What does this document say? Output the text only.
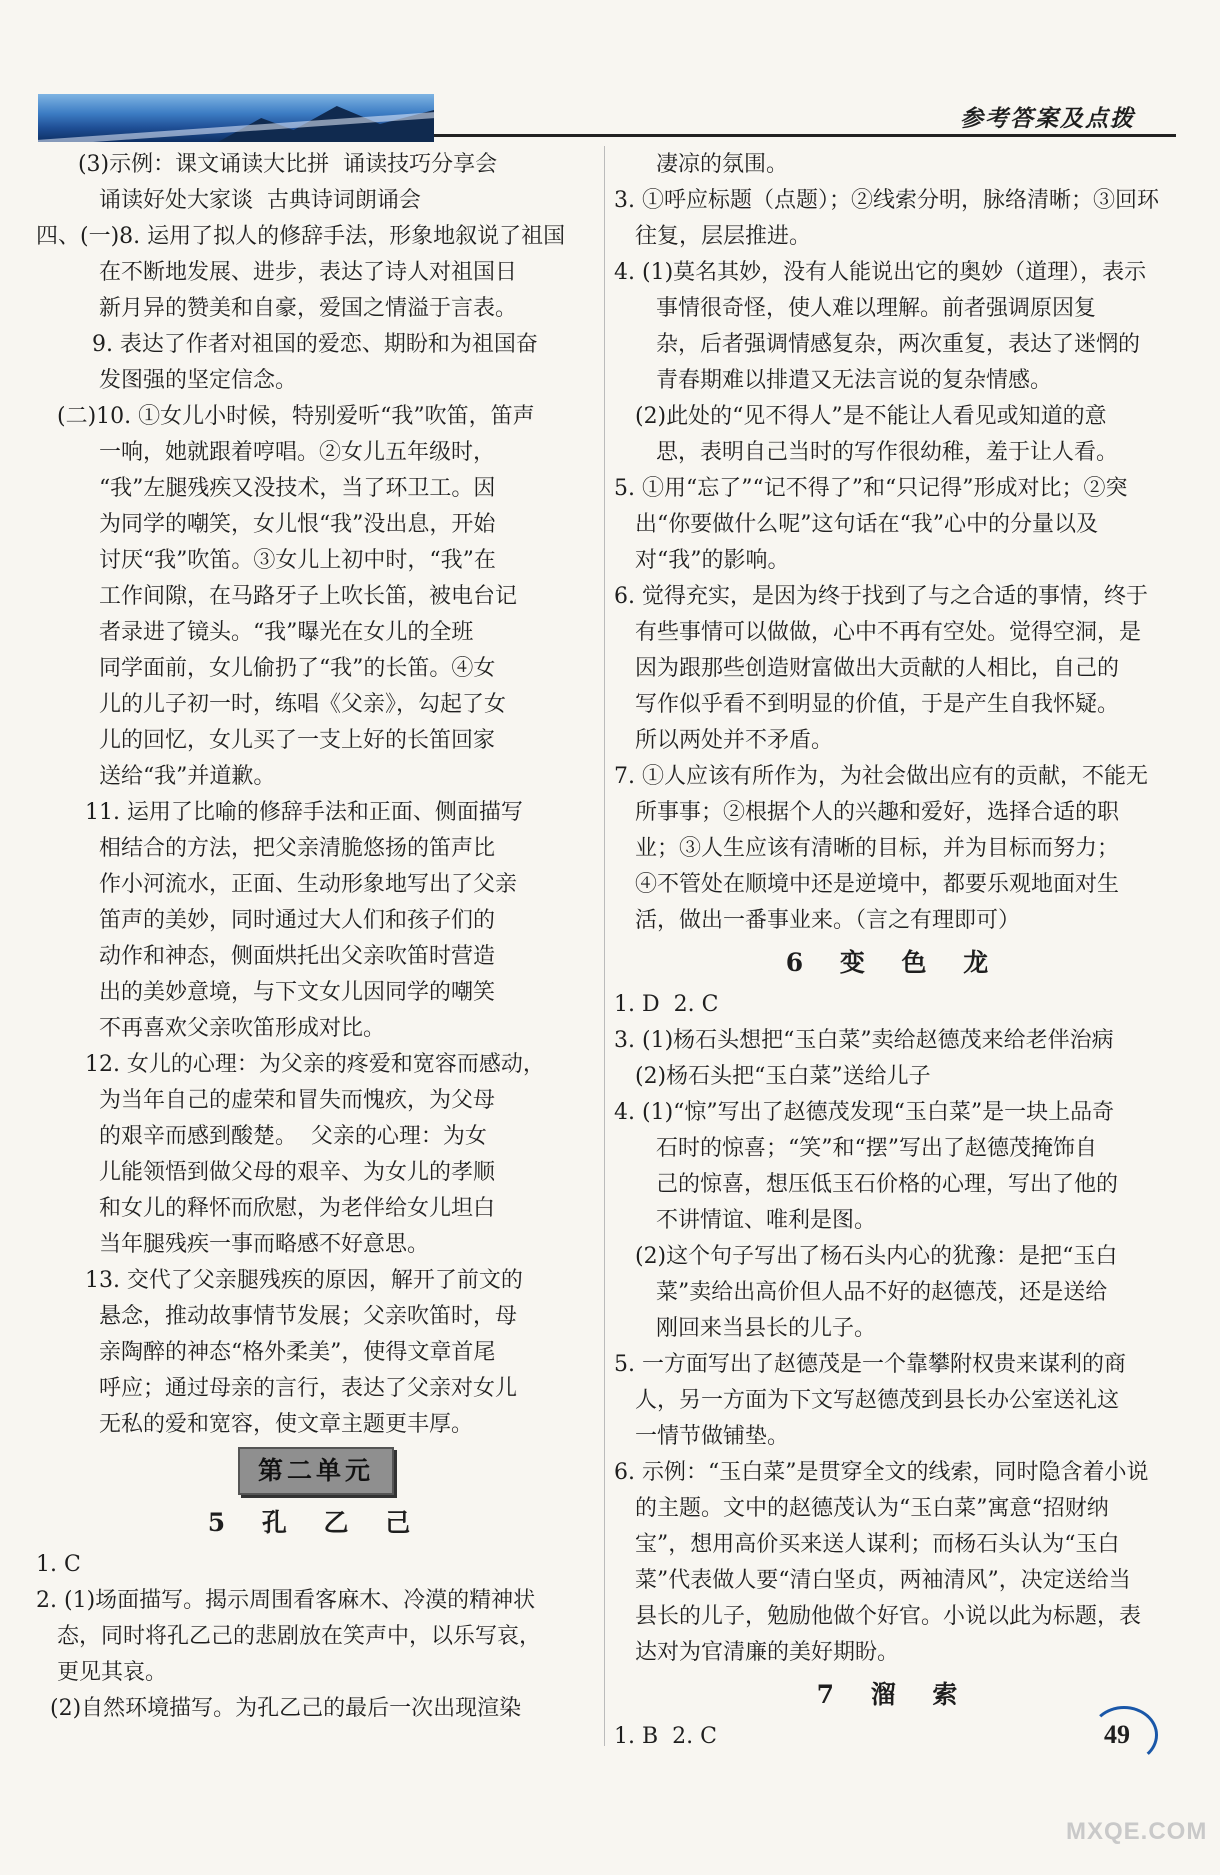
参考答案及点拨
(3)示例：课文诵读大比拼  诵读技巧分享会
诵读好处大家谈  古典诗词朗诵会
四、(一)8. 运用了拟人的修辞手法，形象地叙说了祖国
在不断地发展、进步，表达了诗人对祖国日
新月异的赞美和自豪，爱国之情溢于言表。
9. 表达了作者对祖国的爱恋、期盼和为祖国奋
发图强的坚定信念。
(二)10. ①女儿小时候，特别爱听“我”吹笛，笛声
一响，她就跟着哼唱。②女儿五年级时，
“我”左腿残疾又没技术，当了环卫工。因
为同学的嘲笑，女儿恨“我”没出息，开始
讨厌“我”吹笛。③女儿上初中时，“我”在
工作间隙，在马路牙子上吹长笛，被电台记
者录进了镜头。“我”曝光在女儿的全班
同学面前，女儿偷扔了“我”的长笛。④女
儿的儿子初一时，练唱《父亲》，勾起了女
儿的回忆，女儿买了一支上好的长笛回家
送给“我”并道歉。
11. 运用了比喻的修辞手法和正面、侧面描写
相结合的方法，把父亲清脆悠扬的笛声比
作小河流水，正面、生动形象地写出了父亲
笛声的美妙，同时通过大人们和孩子们的
动作和神态，侧面烘托出父亲吹笛时营造
出的美妙意境，与下文女儿因同学的嘲笑
不再喜欢父亲吹笛形成对比。
12. 女儿的心理：为父亲的疼爱和宽容而感动，
为当年自己的虚荣和冒失而愧疚，为父母
的艰辛而感到酸楚。  父亲的心理：为女
儿能领悟到做父母的艰辛、为女儿的孝顺
和女儿的释怀而欣慰，为老伴给女儿坦白
当年腿残疾一事而略感不好意思。
13. 交代了父亲腿残疾的原因，解开了前文的
悬念，推动故事情节发展；父亲吹笛时，母
亲陶醉的神态“格外柔美”，使得文章首尾
呼应；通过母亲的言行，表达了父亲对女儿
无私的爱和宽容，使文章主题更丰厚。
第二单元
5 孔 乙 己
1. C
2. (1)场面描写。揭示周围看客麻木、冷漠的精神状
态，同时将孔乙己的悲剧放在笑声中，以乐写哀，
更见其哀。
(2)自然环境描写。为孔乙己的最后一次出现渲染
凄凉的氛围。
3. ①呼应标题（点题）；②线索分明，脉络清晰；③回环
往复，层层推进。
4. (1)莫名其妙，没有人能说出它的奥妙（道理），表示
事情很奇怪，使人难以理解。前者强调原因复
杂，后者强调情感复杂，两次重复，表达了迷惘的
青春期难以排遣又无法言说的复杂情感。
(2)此处的“见不得人”是不能让人看见或知道的意
思，表明自己当时的写作很幼稚，羞于让人看。
5. ①用“忘了”“记不得了”和“只记得”形成对比；②突
出“你要做什么呢”这句话在“我”心中的分量以及
对“我”的影响。
6. 觉得充实，是因为终于找到了与之合适的事情，终于
有些事情可以做做，心中不再有空处。觉得空洞，是
因为跟那些创造财富做出大贡献的人相比，自己的
写作似乎看不到明显的价值，于是产生自我怀疑。
所以两处并不矛盾。
7. ①人应该有所作为，为社会做出应有的贡献，不能无
所事事；②根据个人的兴趣和爱好，选择合适的职
业；③人生应该有清晰的目标，并为目标而努力；
④不管处在顺境中还是逆境中，都要乐观地面对生
活，做出一番事业来。（言之有理即可）
6 变 色 龙
1. D  2. C
3. (1)杨石头想把“玉白菜”卖给赵德茂来给老伴治病
(2)杨石头把“玉白菜”送给儿子
4. (1)“惊”写出了赵德茂发现“玉白菜”是一块上品奇
石时的惊喜；“笑”和“摆”写出了赵德茂掩饰自
己的惊喜，想压低玉石价格的心理，写出了他的
不讲情谊、唯利是图。
(2)这个句子写出了杨石头内心的犹豫：是把“玉白
菜”卖给出高价但人品不好的赵德茂，还是送给
刚回来当县长的儿子。
5. 一方面写出了赵德茂是一个靠攀附权贵来谋利的商
人，另一方面为下文写赵德茂到县长办公室送礼这
一情节做铺垫。
6. 示例：“玉白菜”是贯穿全文的线索，同时隐含着小说
的主题。文中的赵德茂认为“玉白菜”寓意“招财纳
宝”，想用高价买来送人谋利；而杨石头认为“玉白
菜”代表做人要“清白坚贞，两袖清风”，决定送给当
县长的儿子，勉励他做个好官。小说以此为标题，表
达对为官清廉的美好期盼。
7 溜 索
1. B  2. C	49
MXQE.COM
